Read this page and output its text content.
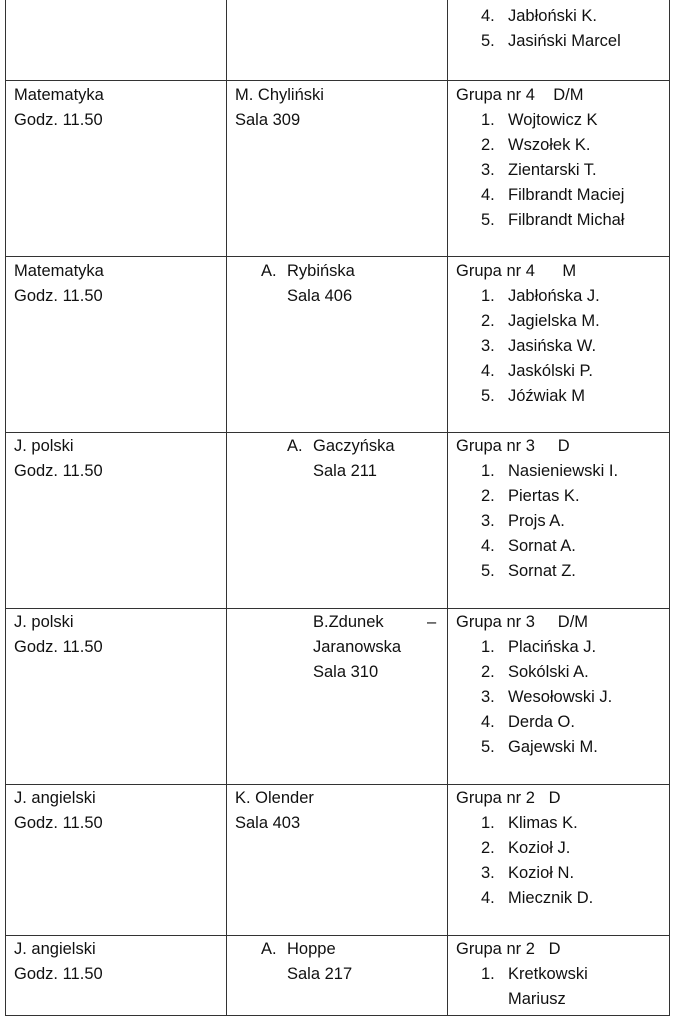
4. Jabłoński K.
5. Jasiński Marcel
Matematyka
Godz. 11.50
M. Chyliński
Sala 309
Grupa nr 4    D/M
1. Wojtowicz K
2. Wszołek K.
3. Zientarski T.
4. Filbrandt Maciej
5. Filbrandt Michał
Matematyka
Godz. 11.50
A. Rybińska
Sala 406
Grupa nr 4      M
1. Jabłońska J.
2. Jagielska M.
3. Jasińska W.
4. Jaskólski P.
5. Jóźwiak M
J. polski
Godz. 11.50
A. Gaczyńska
Sala 211
Grupa nr 3     D
1. Nasieniewski I.
2. Piertas K.
3. Projs A.
4. Sornat A.
5. Sornat Z.
J. polski
Godz. 11.50
B.Zdunek	–
Jaranowska
Sala 310
Grupa nr 3     D/M
1. Placińska J.
2. Sokólski A.
3. Wesołowski J.
4. Derda O.
5. Gajewski M.
J. angielski
Godz. 11.50
K. Olender
Sala 403
Grupa nr 2   D
1. Klimas K.
2. Kozioł J.
3. Kozioł N.
4. Miecznik D.
J. angielski
Godz. 11.50
A. Hoppe
Sala 217
Grupa nr 2   D
1. Kretkowski
Mariusz
